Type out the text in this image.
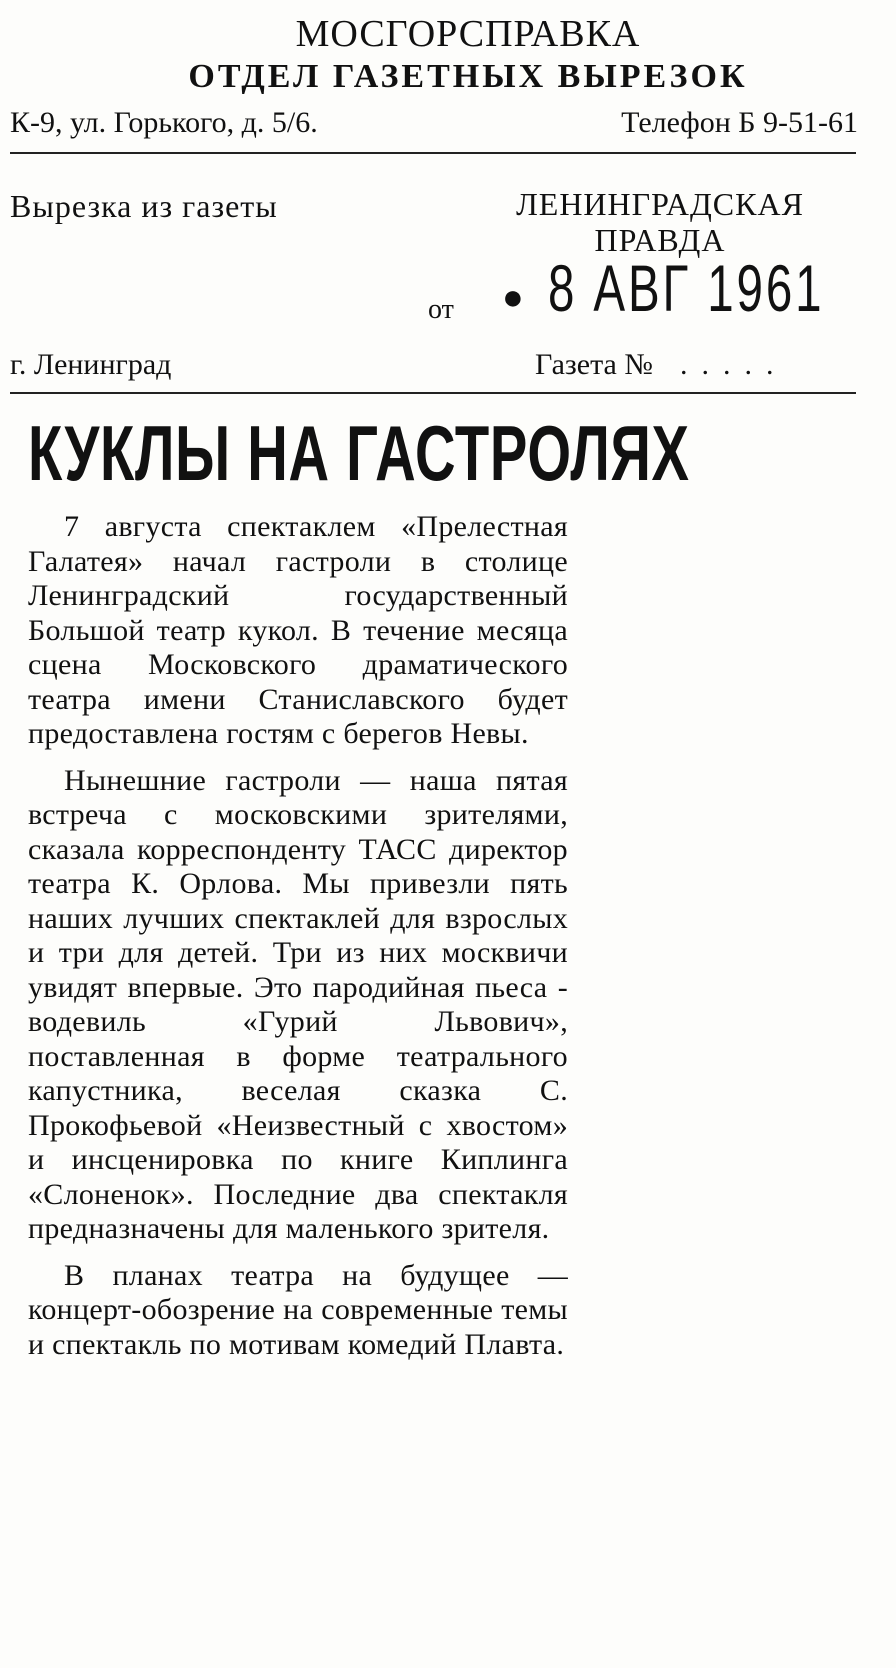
МОСГОРСПРАВКА
ОТДЕЛ ГАЗЕТНЫХ ВЫРЕЗОК
К-9, ул. Горького, д. 5/6.	Телефон Б 9-51-61
Вырезка из газеты	ЛЕНИНГРАДСКАЯ
ПРАВДА
от ● 8 АВГ 1961
г. Ленинград	Газета № .....
КУКЛЫ НА ГАСТРОЛЯХ

7 августа спектаклем «Прелестная Галатея» начал гастроли в столице Ленинградский государственный Большой театр кукол. В течение месяца сцена Московского драматического театра имени Станиславского будет предоставлена гостям с берегов Невы.

Нынешние гастроли — наша пятая встреча с московскими зрителями, сказала корреспонденту ТАСС директор театра К. Орлова. Мы привезли пять наших лучших спектаклей для взрослых и три для детей. Три из них москвичи увидят впервые. Это пародийная пьеса - водевиль «Гурий Львович», поставленная в форме театрального капустника, веселая сказка С. Прокофьевой «Неизвестный с хвостом» и инсценировка по книге Киплинга «Слоненок». Последние два спектакля предназначены для маленького зрителя.

В планах театра на будущее — концерт-обозрение на современные темы и спектакль по мотивам комедий Плавта.
